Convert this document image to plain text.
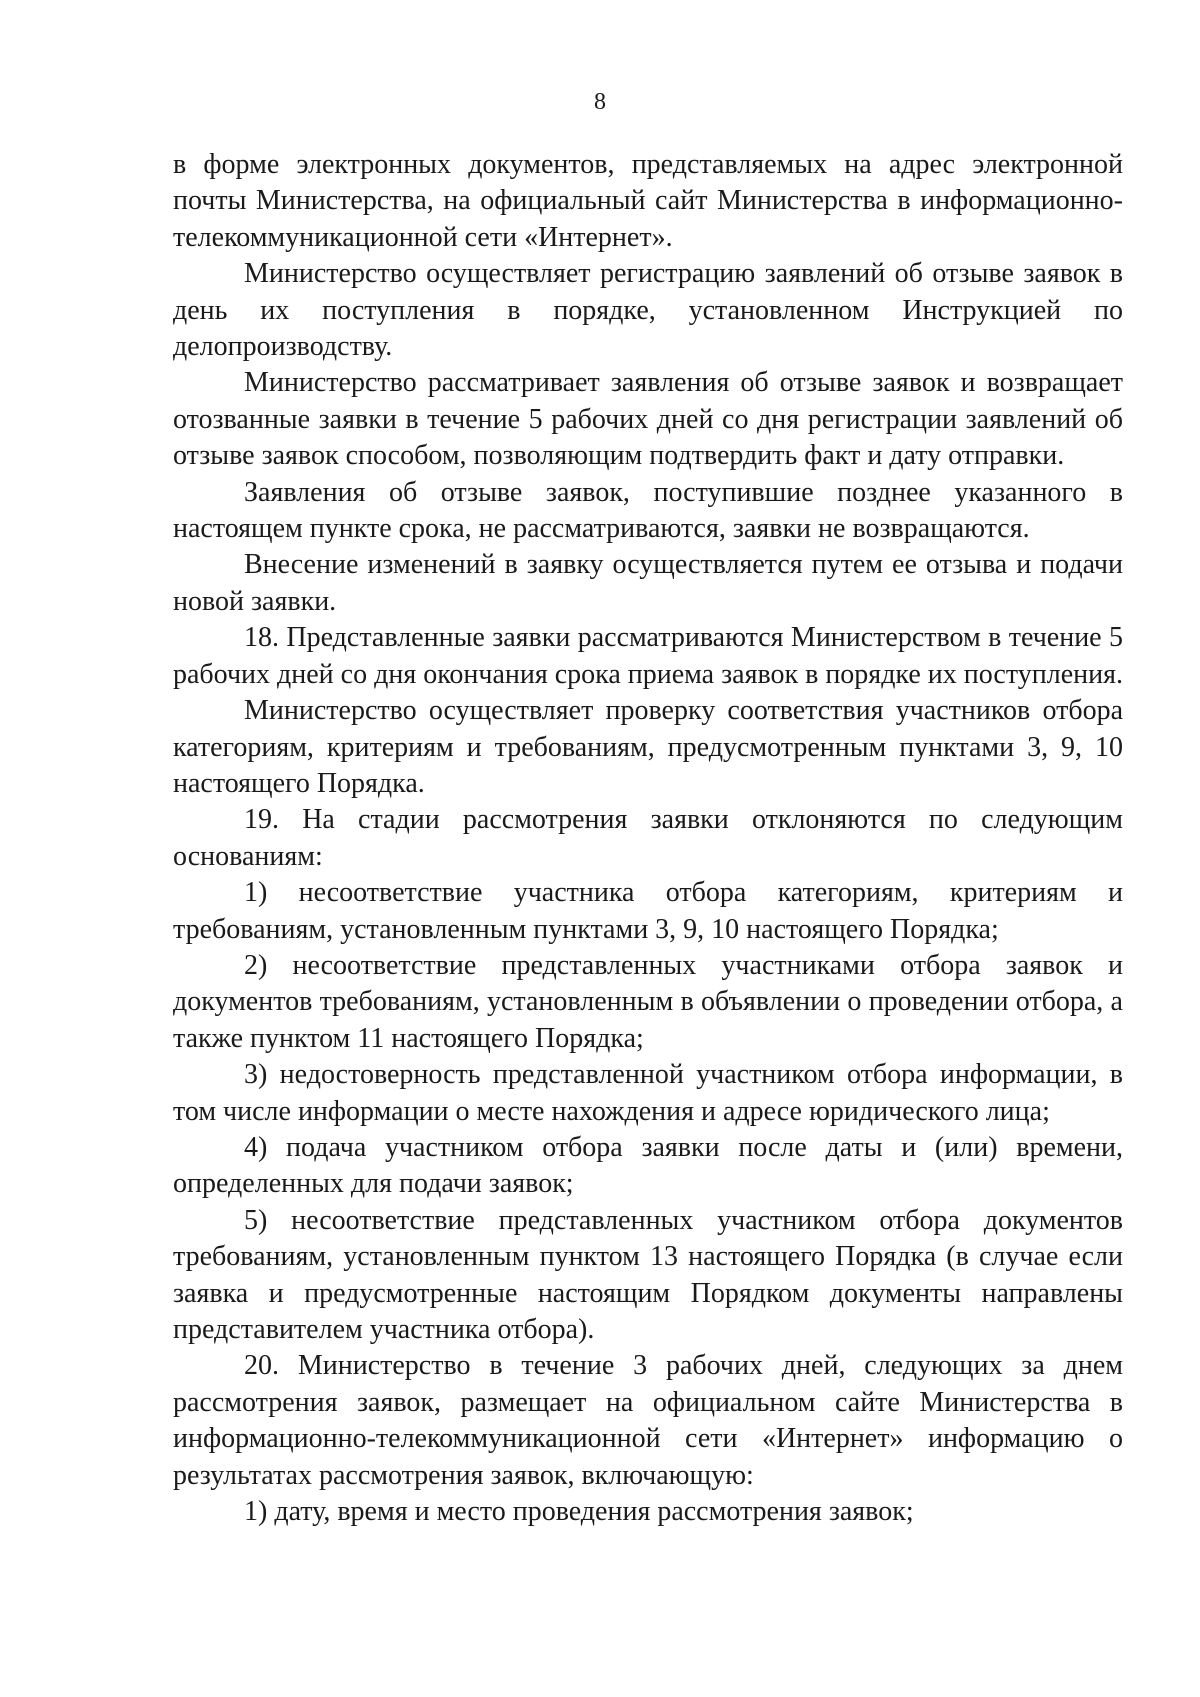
8

в форме электронных документов, представляемых на адрес электронной почты Министерства, на официальный сайт Министерства в информационно-телекоммуникационной сети «Интернет».

Министерство осуществляет регистрацию заявлений об отзыве заявок в день их поступления в порядке, установленном Инструкцией по делопроизводству.

Министерство рассматривает заявления об отзыве заявок и возвращает отозванные заявки в течение 5 рабочих дней со дня регистрации заявлений об отзыве заявок способом, позволяющим подтвердить факт и дату отправки.

Заявления об отзыве заявок, поступившие позднее указанного в настоящем пункте срока, не рассматриваются, заявки не возвращаются.

Внесение изменений в заявку осуществляется путем ее отзыва и подачи новой заявки.

18. Представленные заявки рассматриваются Министерством в течение 5 рабочих дней со дня окончания срока приема заявок в порядке их поступления.

Министерство осуществляет проверку соответствия участников отбора категориям, критериям и требованиям, предусмотренным пунктами 3, 9, 10 настоящего Порядка.

19. На стадии рассмотрения заявки отклоняются по следующим основаниям:

1) несоответствие участника отбора категориям, критериям и требованиям, установленным пунктами 3, 9, 10 настоящего Порядка;

2) несоответствие представленных участниками отбора заявок и документов требованиям, установленным в объявлении о проведении отбора, а также пунктом 11 настоящего Порядка;

3) недостоверность представленной участником отбора информации, в том числе информации о месте нахождения и адресе юридического лица;

4) подача участником отбора заявки после даты и (или) времени, определенных для подачи заявок;

5) несоответствие представленных участником отбора документов требованиям, установленным пунктом 13 настоящего Порядка (в случае если заявка и предусмотренные настоящим Порядком документы направлены представителем участника отбора).

20. Министерство в течение 3 рабочих дней, следующих за днем рассмотрения заявок, размещает на официальном сайте Министерства в информационно-телекоммуникационной сети «Интернет» информацию о результатах рассмотрения заявок, включающую:

1) дату, время и место проведения рассмотрения заявок;
